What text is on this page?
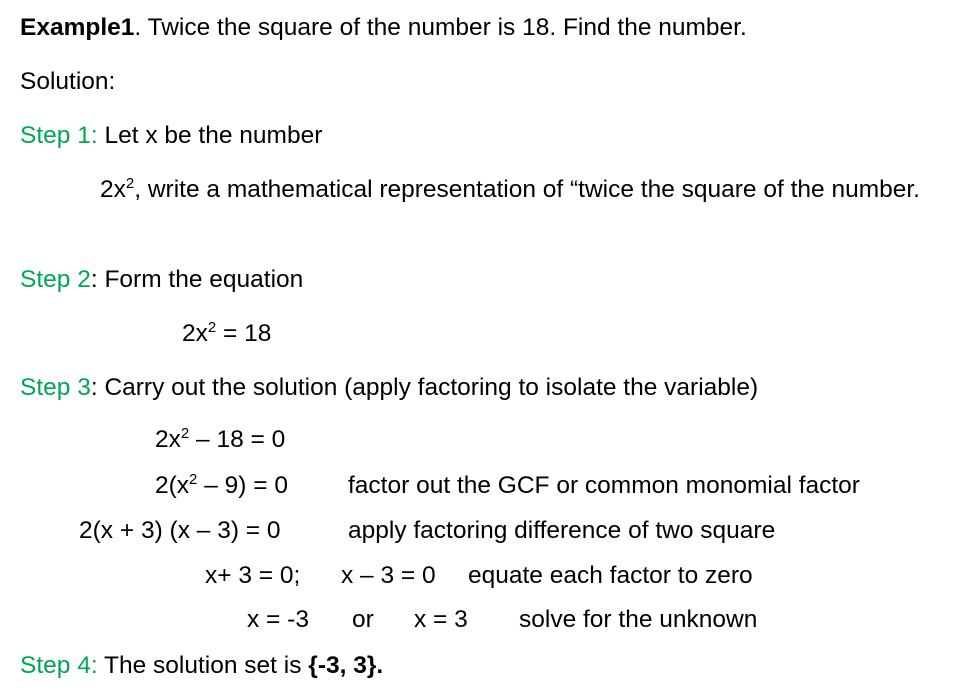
Example1. Twice the square of the number is 18. Find the number.
Solution:
Step 1: Let x be the number
$2x^2$, write a mathematical representation of “twice the square of the number.
Step 2: Form the equation
$2x^2 = 18$
Step 3: Carry out the solution (apply factoring to isolate the variable)
$2x^2 - 18 = 0$
$2(x^2 - 9) = 0$ factor out the GCF or common monomial factor
2(x + 3) (x – 3) = 0	apply factoring difference of two square
x+ 3 = 0; x – 3 = 0 equate each factor to zero
x = -3 or x = 3 solve for the unknown
Step 4: The solution set is {-3, 3}.
